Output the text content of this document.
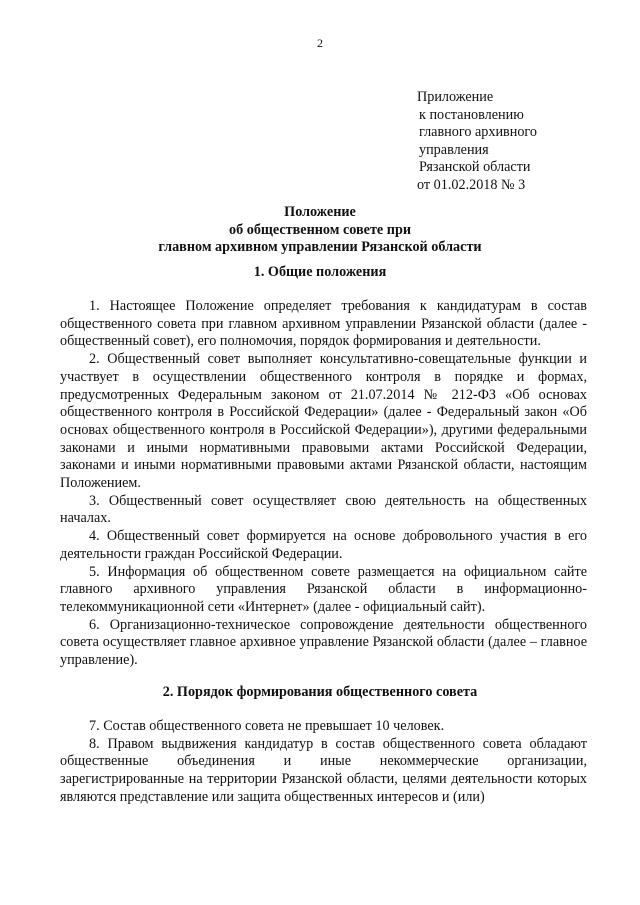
2
Приложение
к постановлению
главного архивного
управления
Рязанской области
от 01.02.2018 № 3
Положение
об общественном совете при
главном архивном управлении Рязанской области
1. Общие положения

1. Настоящее Положение определяет требования к кандидатурам в состав общественного совета при главном архивном управлении Рязанской области (далее - общественный совет), его полномочия, порядок формирования и деятельности.

2. Общественный совет выполняет консультативно-совещательные функции и участвует в осуществлении общественного контроля в порядке и формах, предусмотренных Федеральным законом от 21.07.2014 № 212-ФЗ «Об основах общественного контроля в Российской Федерации» (далее - Федеральный закон «Об основах общественного контроля в Российской Федерации»), другими федеральными законами и иными нормативными правовыми актами Российской Федерации, законами и иными нормативными правовыми актами Рязанской области, настоящим Положением.

3. Общественный совет осуществляет свою деятельность на общественных началах.

4. Общественный совет формируется на основе добровольного участия в его деятельности граждан Российской Федерации.

5. Информация об общественном совете размещается на официальном сайте главного архивного управления Рязанской области в информационно-телекоммуникационной сети «Интернет» (далее - официальный сайт).

6. Организационно-техническое сопровождение деятельности общественного совета осуществляет главное архивное управление Рязанской области (далее – главное управление).

2. Порядок формирования общественного совета

7. Состав общественного совета не превышает 10 человек.

8. Правом выдвижения кандидатур в состав общественного совета обладают общественные объединения и иные некоммерческие организации, зарегистрированные на территории Рязанской области, целями деятельности которых являются представление или защита общественных интересов и (или)
